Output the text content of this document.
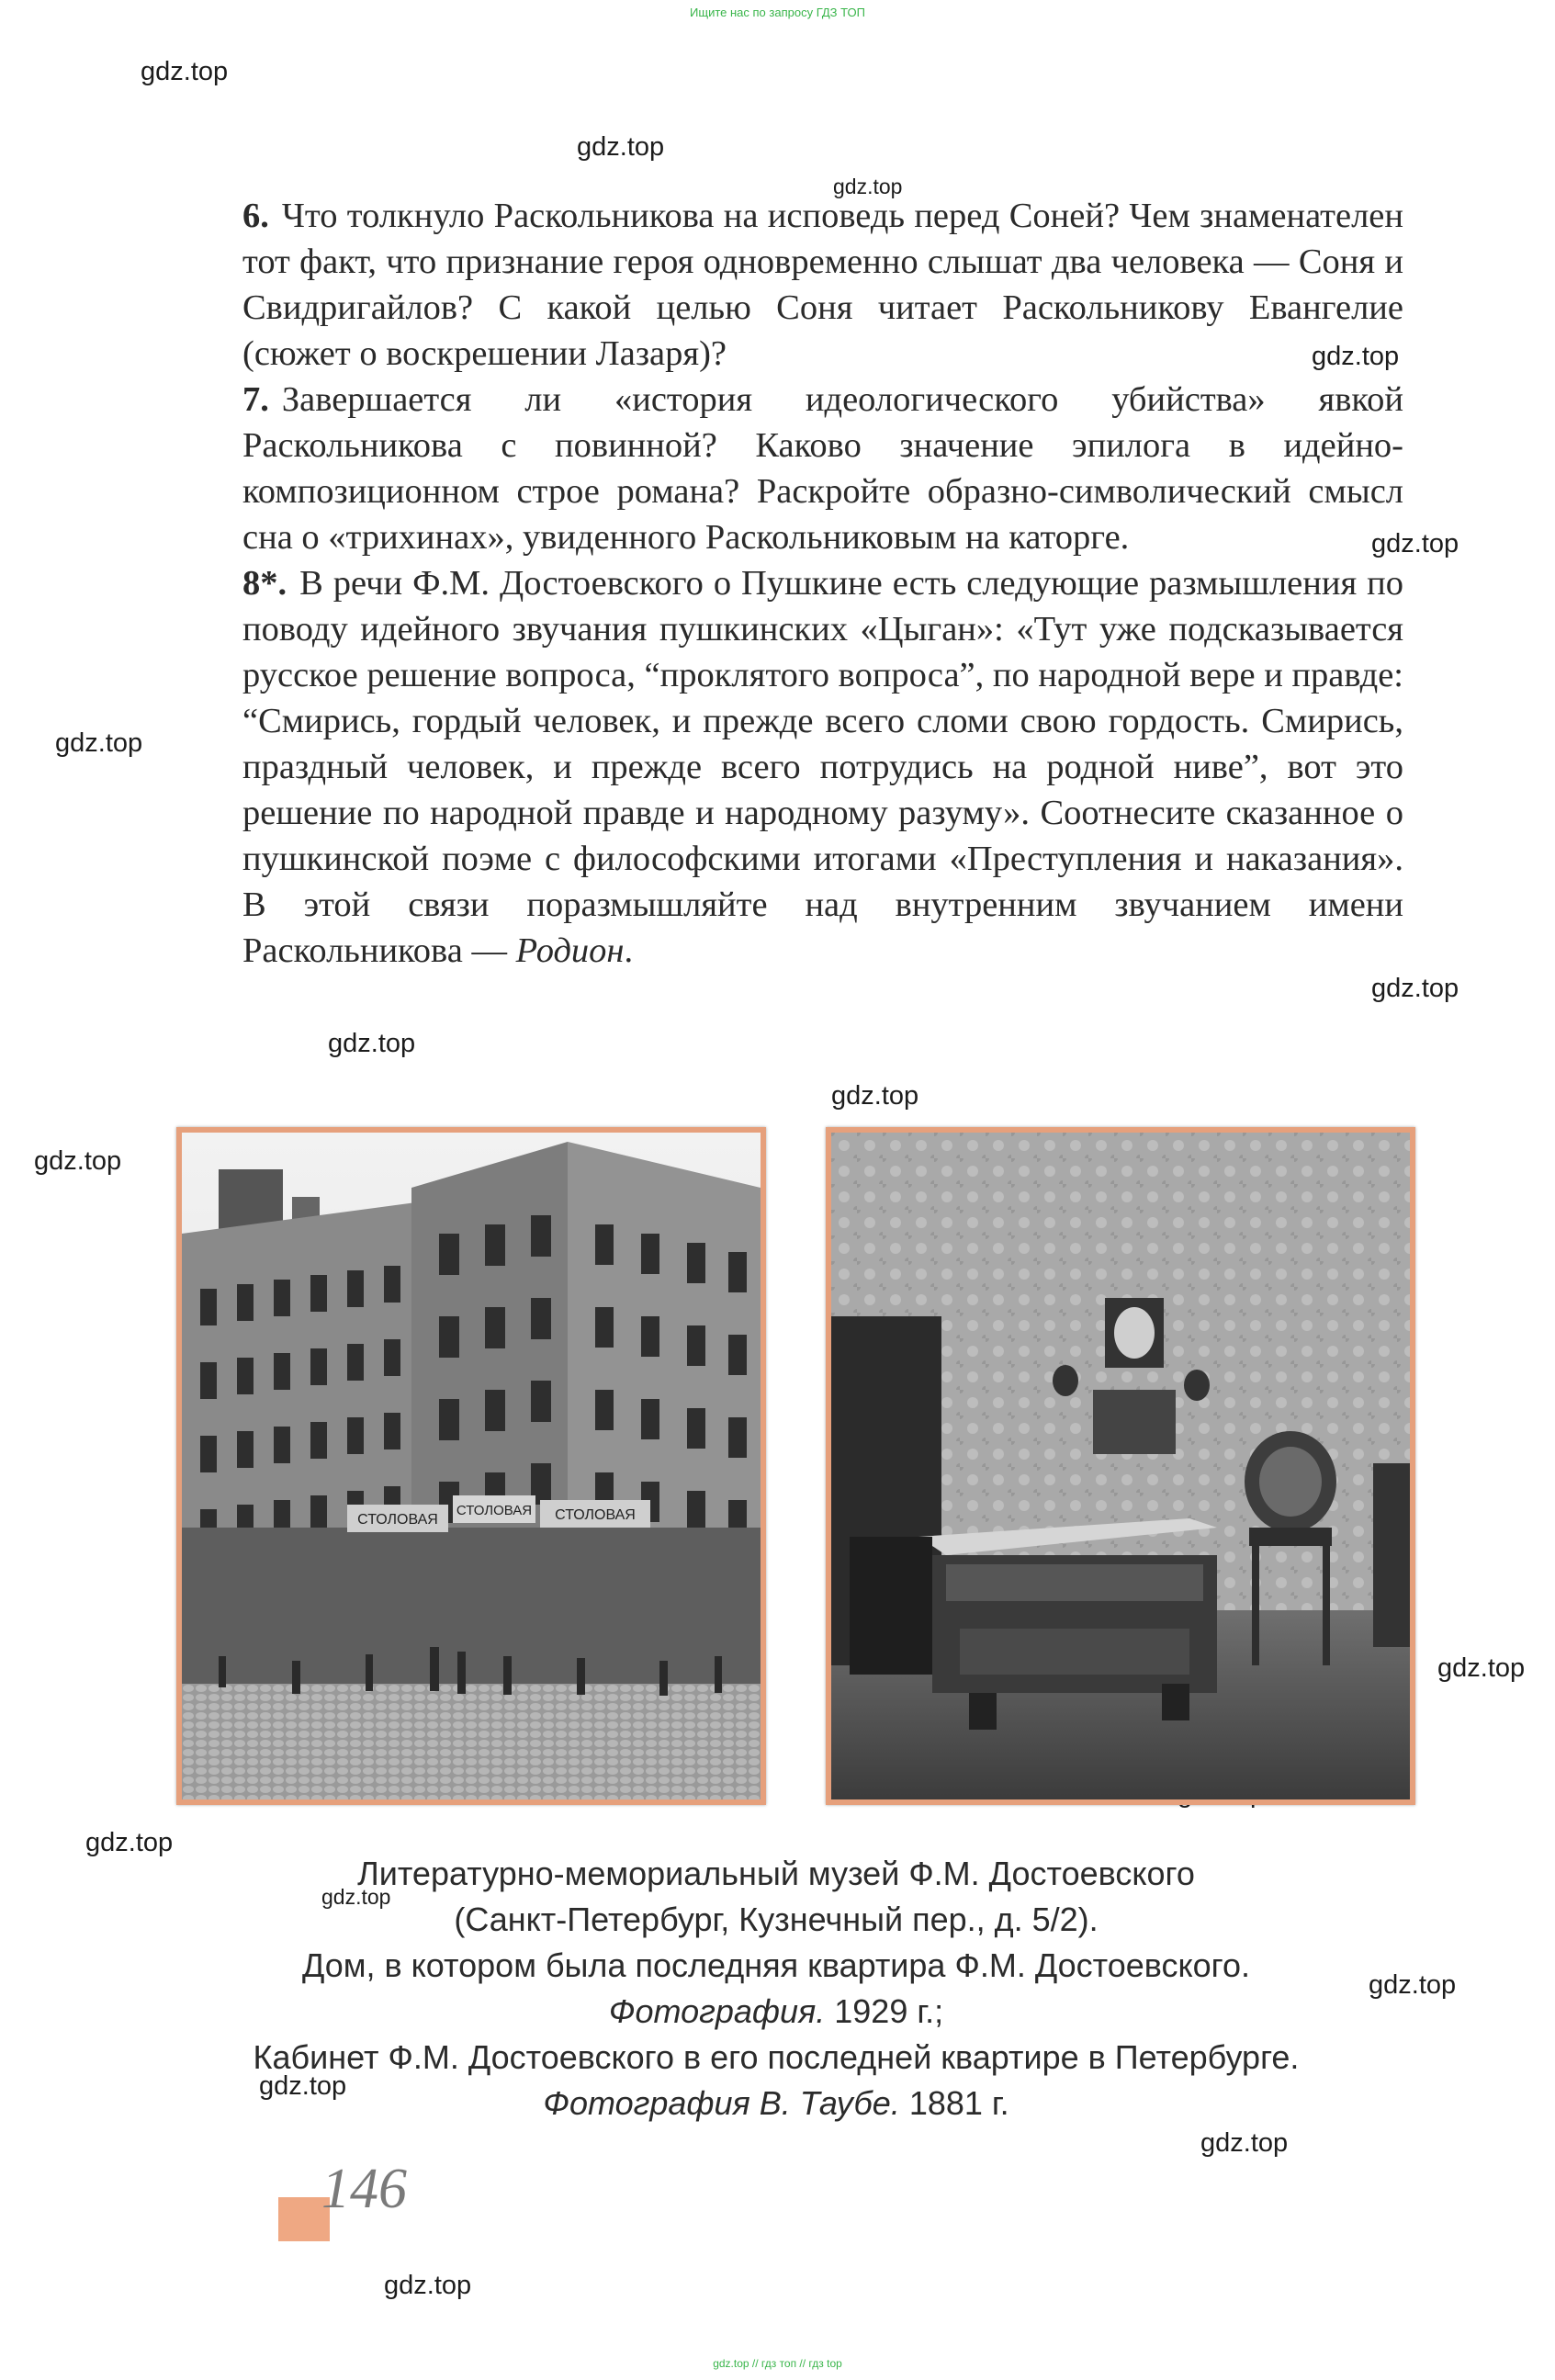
Ищите нас по запросу ГДЗ ТОП
gdz.top
gdz.top
gdz.top
gdz.top
gdz.top
gdz.top
gdz.top
gdz.top
gdz.top
gdz.top
gdz.top
gdz.top
gdz.top
gdz.top
gdz.top
gdz.top
gdz.top

6. Что толкнуло Раскольникова на исповедь перед Соней? Чем знаменателен тот факт, что признание героя одновременно слышат два человека — Соня и Свидригайлов? С какой целью Соня читает Раскольникову Евангелие (сюжет о воскрешении Лазаря)?

7. Завершается ли «история идеологического убийства» явкой Раскольникова с повинной? Каково значение эпилога в идейно-композиционном строе романа? Раскройте образно-символический смысл сна о «трихинах», увиденного Раскольниковым на каторге.

8*. В речи Ф.М. Достоевского о Пушкине есть следующие размышления по поводу идейного звучания пушкинских «Цыган»: «Тут уже подсказывается русское решение вопроса, “проклятого вопроса”, по народной вере и правде: “Смирись, гордый человек, и прежде всего сломи свою гордость. Смирись, праздный человек, и прежде всего потрудись на родной ниве”, вот это решение по народной правде и народному разуму». Соотнесите сказанное о пушкинской поэме с философскими итогами «Преступления и наказания». В этой связи поразмышляйте над внутренним звучанием имени Раскольникова — Родион.

СТОЛОВАЯ
СТОЛОВАЯ СТОЛОВАЯ

Литературно-мемориальный музей Ф.М. Достоевского

(Санкт-Петербург, Кузнечный пер., д. 5/2).

Дом, в котором была последняя квартира Ф.М. Достоевского.

Фотография. 1929 г.;

Кабинет Ф.М. Достоевского в его последней квартире в Петербурге.

Фотография В. Таубе. 1881 г.

146
gdz.top // гдз топ // гдз top
